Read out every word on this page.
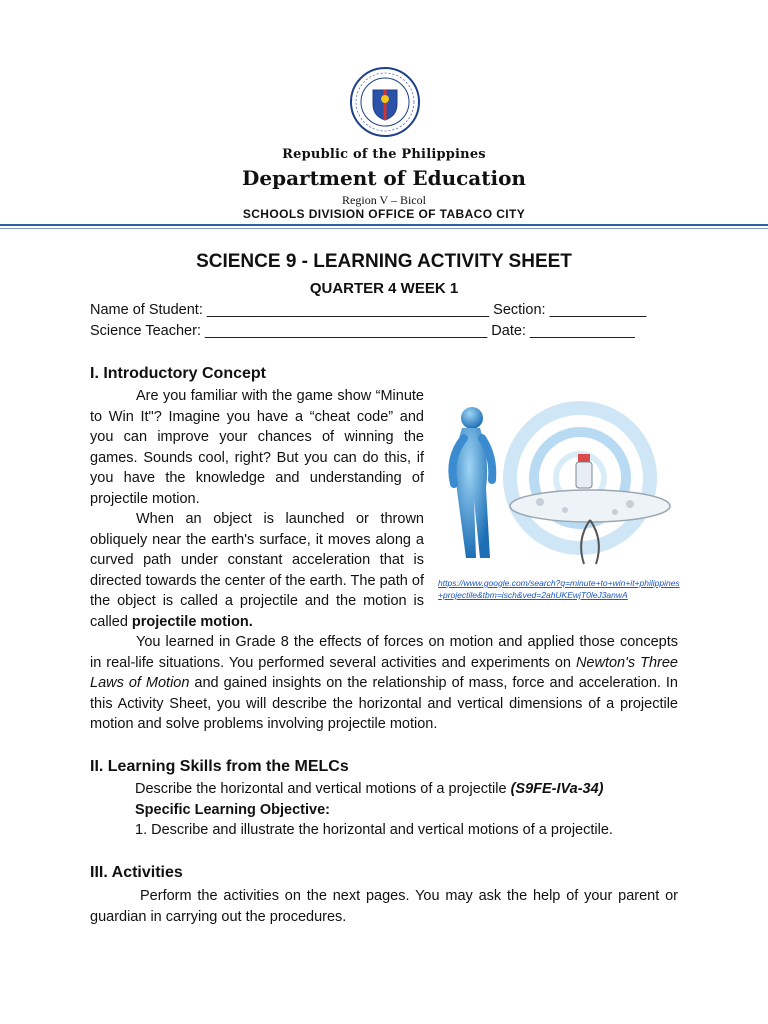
Republic of the Philippines
Department of Education
Region V – Bicol
SCHOOLS DIVISION OFFICE OF TABACO CITY
SCIENCE 9 - LEARNING ACTIVITY SHEET
QUARTER 4 WEEK 1
Name of Student: ___________________________________ Section: ____________
Science Teacher: ___________________________________ Date: _____________
I. Introductory Concept

Are you familiar with the game show “Minute to Win It"? Imagine you have a “cheat code” and you can improve your chances of winning the games. Sounds cool, right? But you can do this, if you have the knowledge and understanding of projectile motion.

When an object is launched or thrown obliquely near the earth's surface, it moves along a curved path under constant acceleration that is directed towards the center of the earth. The path of the object is called a projectile and the motion is called projectile motion.

https://www.google.com/search?q=minute+to+win+it+philippines+projectile&tbm=isch&ved=2ahUKEwjT0leJ3anwA

You learned in Grade 8 the effects of forces on motion and applied those concepts in real-life situations. You performed several activities and experiments on Newton's Three Laws of Motion and gained insights on the relationship of mass, force and acceleration. In this Activity Sheet, you will describe the horizontal and vertical dimensions of a projectile motion and solve problems involving projectile motion.

II. Learning Skills from the MELCs

Describe the horizontal and vertical motions of a projectile (S9FE-IVa-34)

Specific Learning Objective:
1. Describe and illustrate the horizontal and vertical motions of a projectile.
III. Activities

Perform the activities on the next pages. You may ask the help of your parent or guardian in carrying out the procedures.
